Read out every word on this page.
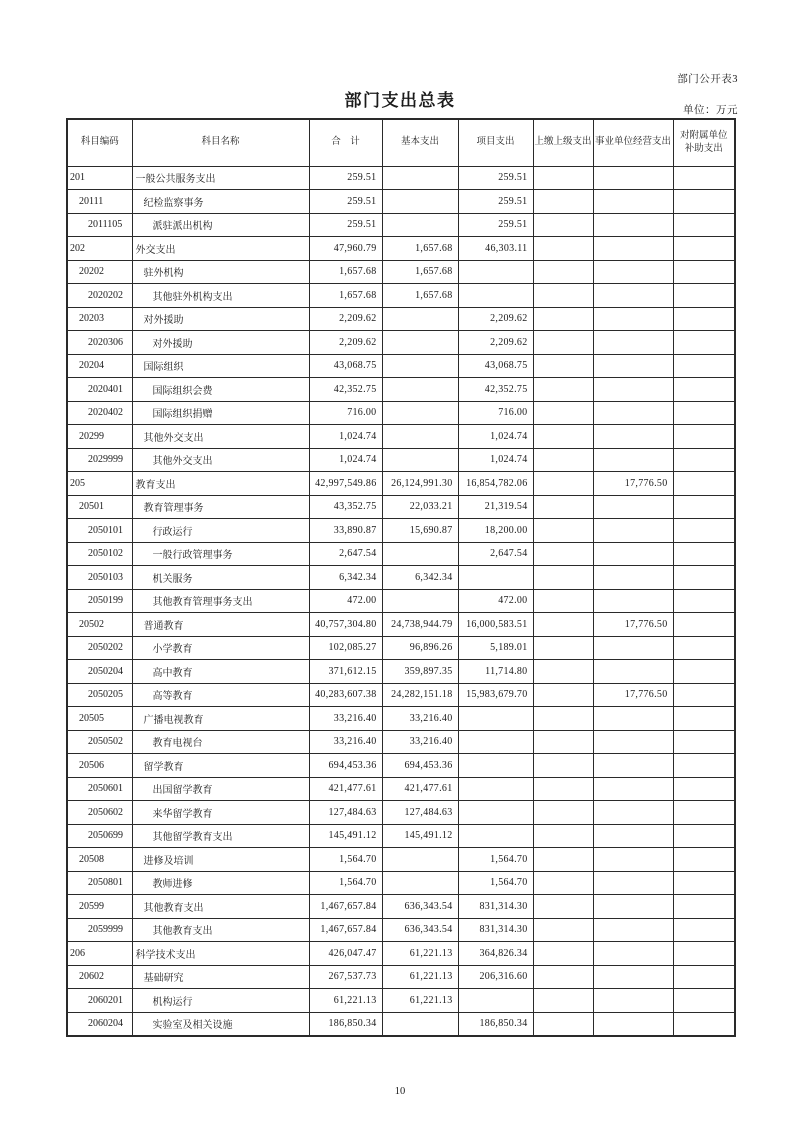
部门公开表3
部门支出总表
单位：万元
科目编码	科目名称	合　计	基本支出	项目支出	上缴上级支出	事业单位经营支出	对附属单位补助支出
201	一般公共服务支出	259.51		259.51			
20111	纪检监察事务	259.51		259.51			
2011105	派驻派出机构	259.51		259.51			
202	外交支出	47,960.79	1,657.68	46,303.11			
20202	驻外机构	1,657.68	1,657.68				
2020202	其他驻外机构支出	1,657.68	1,657.68				
20203	对外援助	2,209.62		2,209.62			
2020306	对外援助	2,209.62		2,209.62			
20204	国际组织	43,068.75		43,068.75			
2020401	国际组织会费	42,352.75		42,352.75			
2020402	国际组织捐赠	716.00		716.00			
20299	其他外交支出	1,024.74		1,024.74			
2029999	其他外交支出	1,024.74		1,024.74			
205	教育支出	42,997,549.86	26,124,991.30	16,854,782.06		17,776.50	
20501	教育管理事务	43,352.75	22,033.21	21,319.54			
2050101	行政运行	33,890.87	15,690.87	18,200.00			
2050102	一般行政管理事务	2,647.54		2,647.54			
2050103	机关服务	6,342.34	6,342.34				
2050199	其他教育管理事务支出	472.00		472.00			
20502	普通教育	40,757,304.80	24,738,944.79	16,000,583.51		17,776.50	
2050202	小学教育	102,085.27	96,896.26	5,189.01			
2050204	高中教育	371,612.15	359,897.35	11,714.80			
2050205	高等教育	40,283,607.38	24,282,151.18	15,983,679.70		17,776.50	
20505	广播电视教育	33,216.40	33,216.40				
2050502	教育电视台	33,216.40	33,216.40				
20506	留学教育	694,453.36	694,453.36				
2050601	出国留学教育	421,477.61	421,477.61				
2050602	来华留学教育	127,484.63	127,484.63				
2050699	其他留学教育支出	145,491.12	145,491.12				
20508	进修及培训	1,564.70		1,564.70			
2050801	教师进修	1,564.70		1,564.70			
20599	其他教育支出	1,467,657.84	636,343.54	831,314.30			
2059999	其他教育支出	1,467,657.84	636,343.54	831,314.30			
206	科学技术支出	426,047.47	61,221.13	364,826.34			
20602	基础研究	267,537.73	61,221.13	206,316.60			
2060201	机构运行	61,221.13	61,221.13				
2060204	实验室及相关设施	186,850.34		186,850.34			
10
